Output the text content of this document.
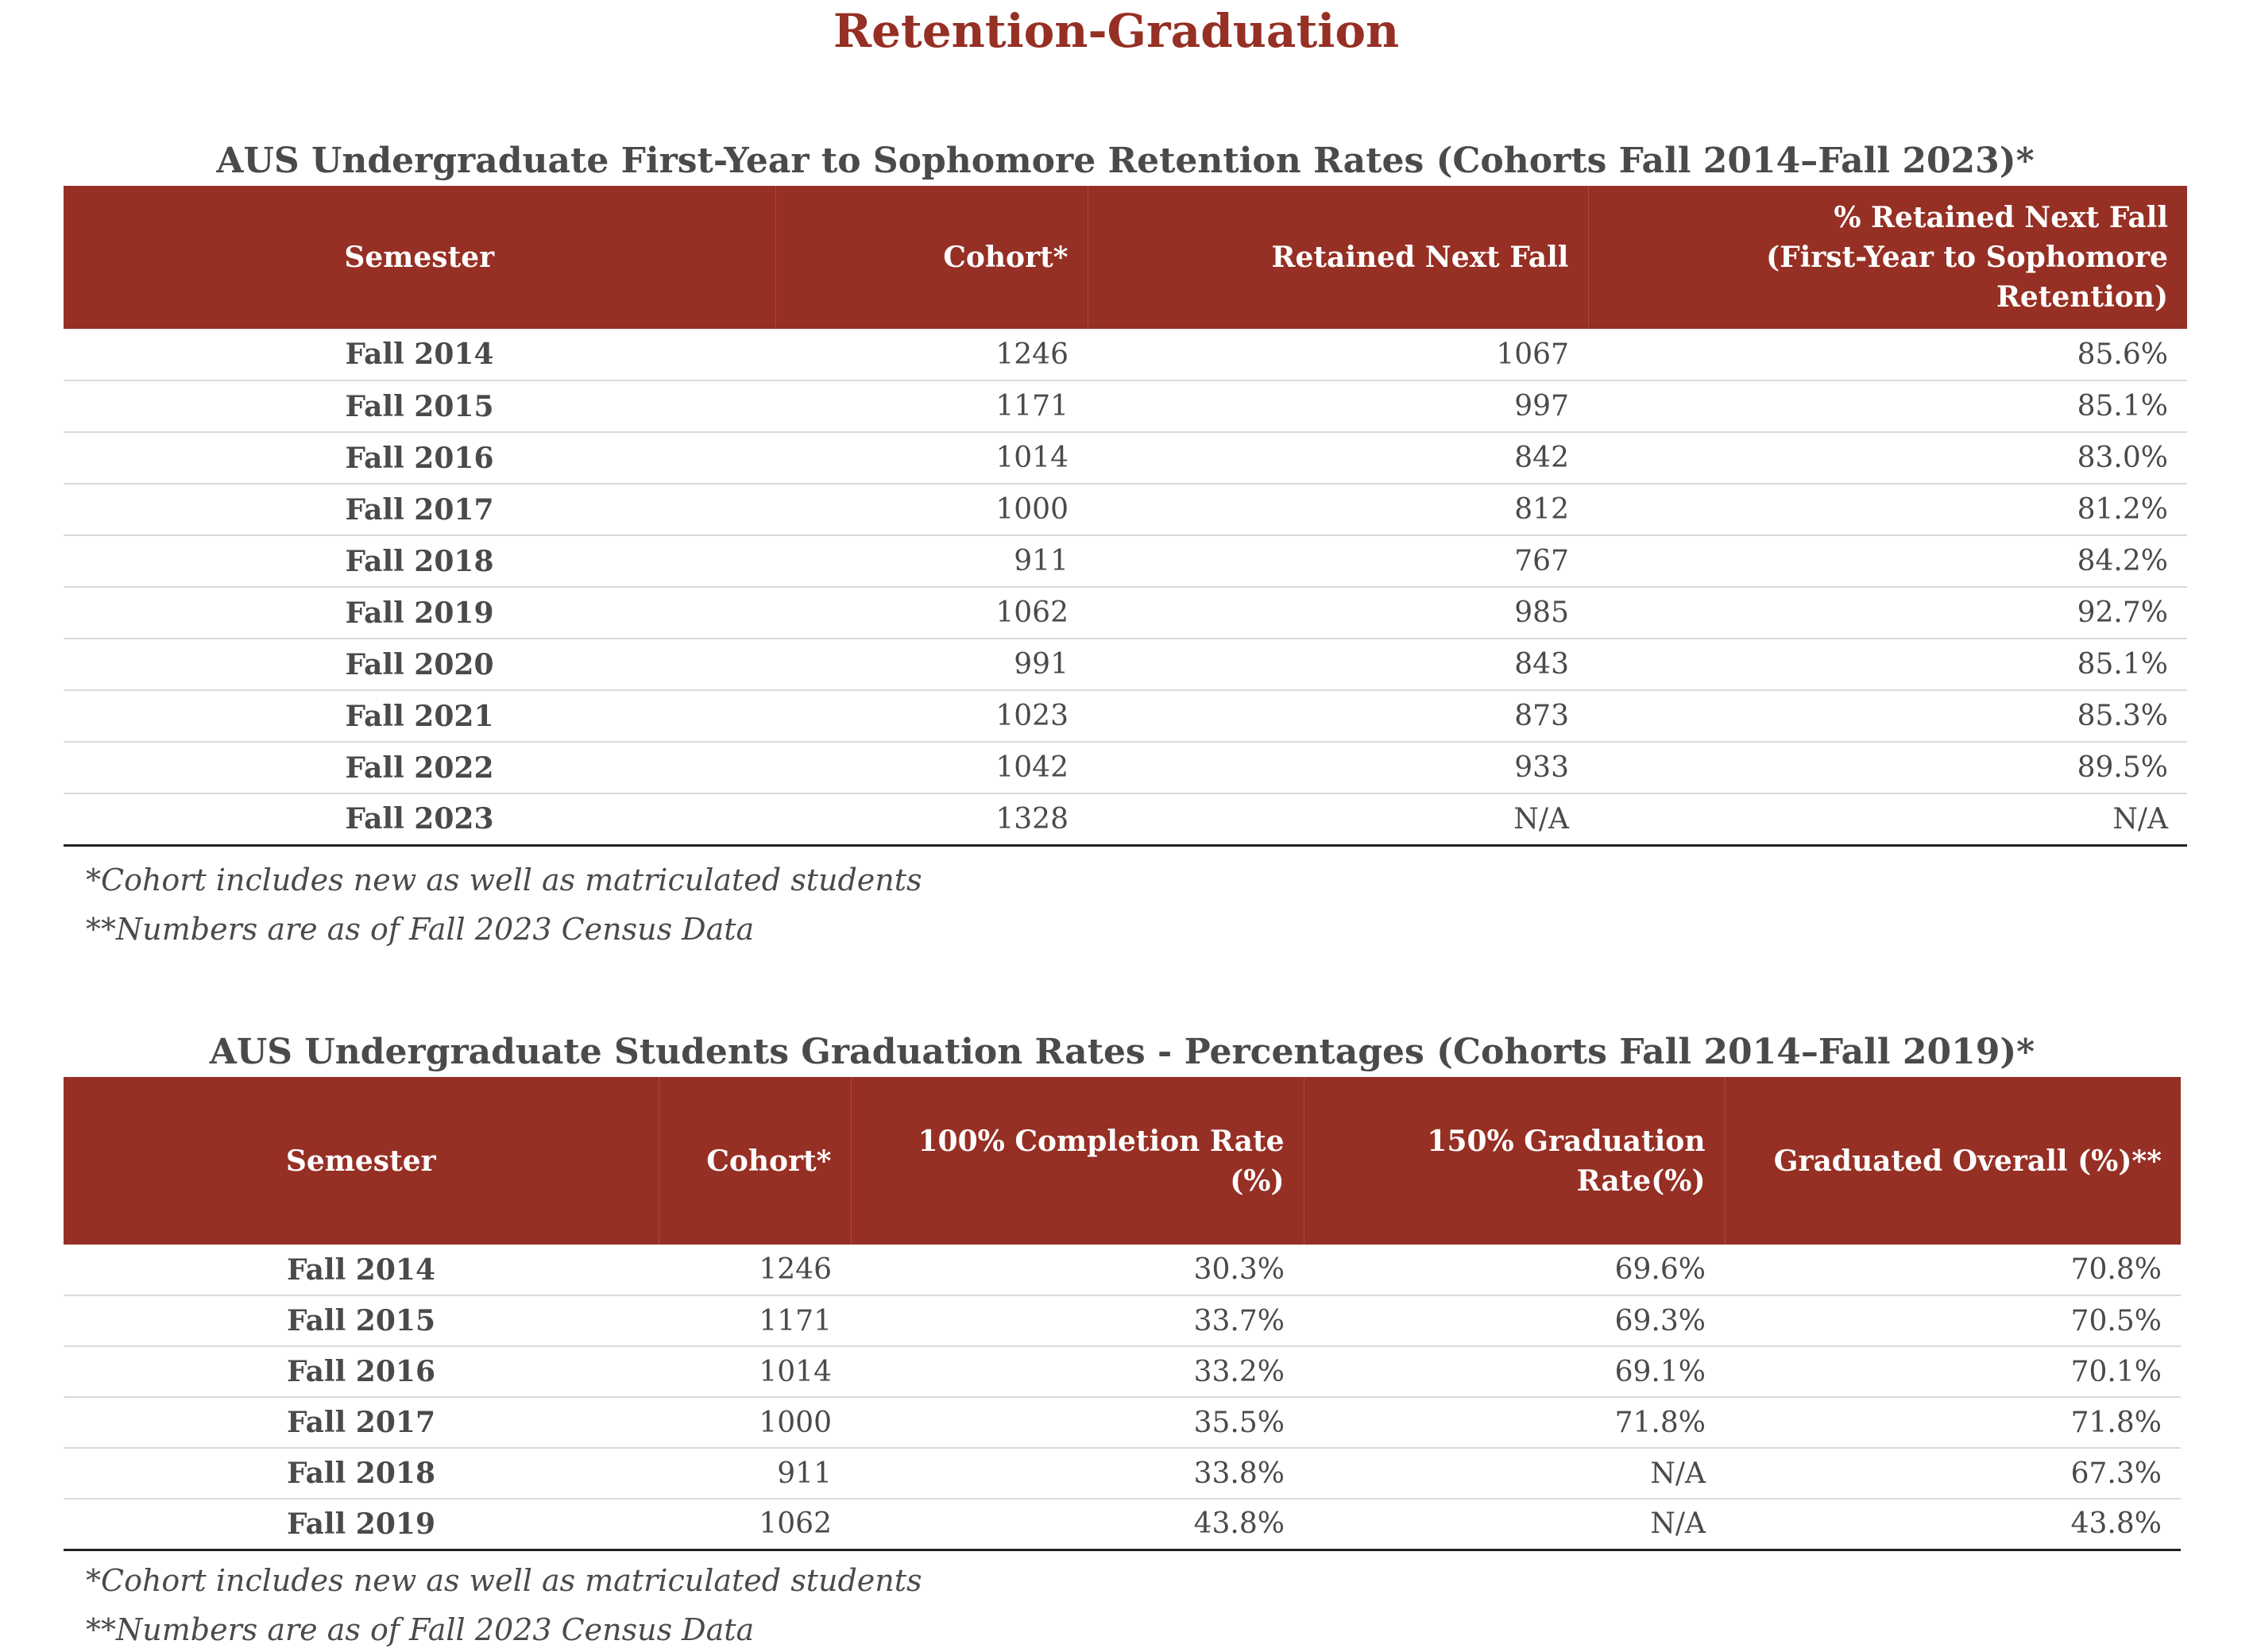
Retention-Graduation
AUS Undergraduate First-Year to Sophomore Retention Rates (Cohorts Fall 2014–Fall 2023)*
Semester	Cohort*	Retained Next Fall	% Retained Next Fall
(First-Year to Sophomore Retention)

Fall 2014	1246	1067	85.6%
Fall 2015	1171	997	85.1%
Fall 2016	1014	842	83.0%
Fall 2017	1000	812	81.2%
Fall 2018	911	767	84.2%
Fall 2019	1062	985	92.7%
Fall 2020	991	843	85.1%
Fall 2021	1023	873	85.3%
Fall 2022	1042	933	89.5%
Fall 2023	1328	N/A	N/A
*Cohort includes new as well as matriculated students
**Numbers are as of Fall 2023 Census Data
AUS Undergraduate Students Graduation Rates - Percentages (Cohorts Fall 2014–Fall 2019)*
Semester	Cohort*	100% Completion Rate (%)	150% Graduation Rate(%)	Graduated Overall (%)**
Fall 2014	1246	30.3%	69.6%	70.8%
Fall 2015	1171	33.7%	69.3%	70.5%
Fall 2016	1014	33.2%	69.1%	70.1%
Fall 2017	1000	35.5%	71.8%	71.8%
Fall 2018	911	33.8%	N/A	67.3%
Fall 2019	1062	43.8%	N/A	43.8%
*Cohort includes new as well as matriculated students
**Numbers are as of Fall 2023 Census Data
